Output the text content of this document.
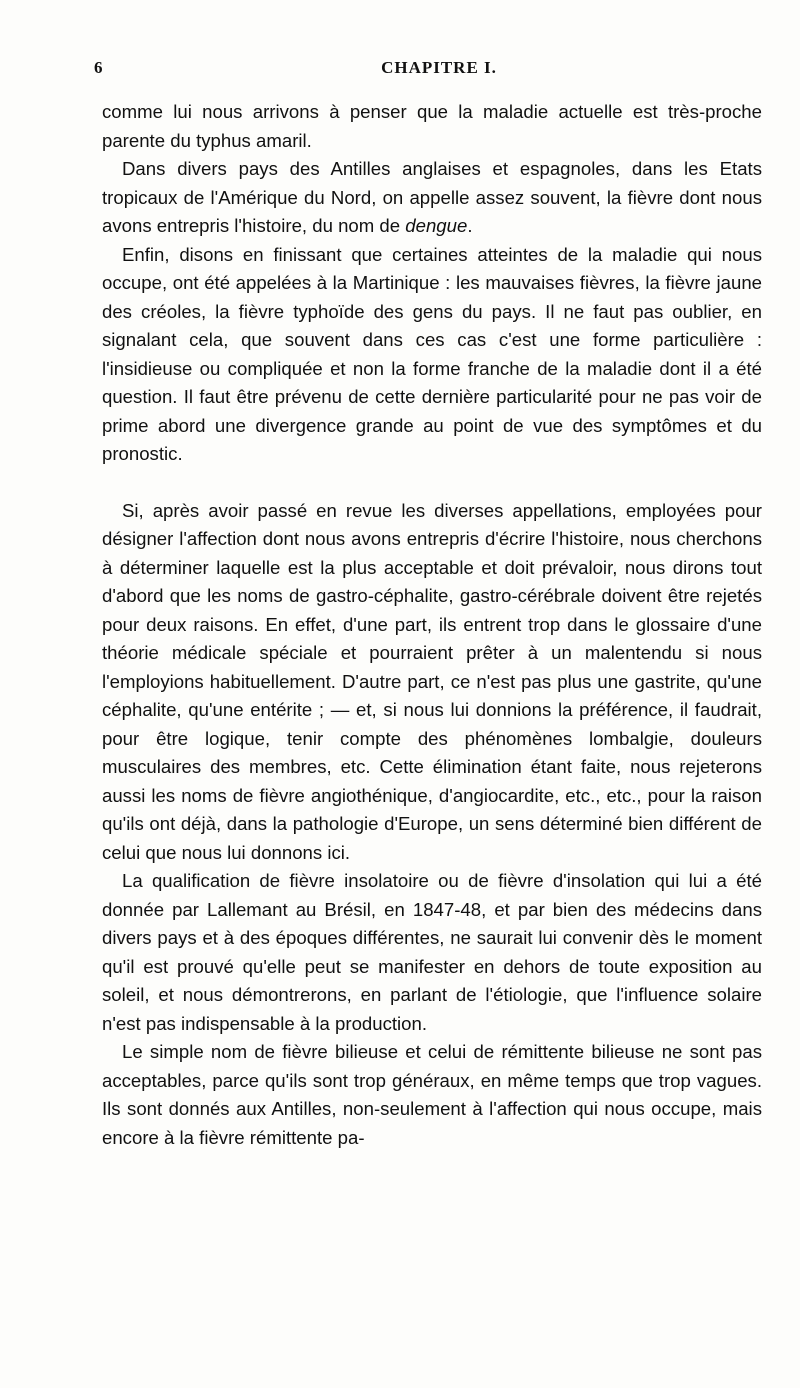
6	CHAPITRE I.

comme lui nous arrivons à penser que la maladie actuelle est très-proche parente du typhus amaril.

Dans divers pays des Antilles anglaises et espagnoles, dans les Etats tropicaux de l'Amérique du Nord, on appelle assez souvent, la fièvre dont nous avons entrepris l'histoire, du nom de dengue.

Enfin, disons en finissant que certaines atteintes de la maladie qui nous occupe, ont été appelées à la Martinique : les mauvaises fièvres, la fièvre jaune des créoles, la fièvre typhoïde des gens du pays. Il ne faut pas oublier, en signalant cela, que souvent dans ces cas c'est une forme particulière : l'insidieuse ou compliquée et non la forme franche de la maladie dont il a été question. Il faut être prévenu de cette dernière particularité pour ne pas voir de prime abord une divergence grande au point de vue des symptômes et du pronostic.

Si, après avoir passé en revue les diverses appellations, employées pour désigner l'affection dont nous avons entrepris d'écrire l'histoire, nous cherchons à déterminer laquelle est la plus acceptable et doit prévaloir, nous dirons tout d'abord que les noms de gastro-céphalite, gastro-cérébrale doivent être rejetés pour deux raisons. En effet, d'une part, ils entrent trop dans le glossaire d'une théorie médicale spéciale et pourraient prêter à un malentendu si nous l'employions habituellement. D'autre part, ce n'est pas plus une gastrite, qu'une céphalite, qu'une entérite ; — et, si nous lui donnions la préférence, il faudrait, pour être logique, tenir compte des phénomènes lombalgie, douleurs musculaires des membres, etc. Cette élimination étant faite, nous rejeterons aussi les noms de fièvre angiothénique, d'angiocardite, etc., etc., pour la raison qu'ils ont déjà, dans la pathologie d'Europe, un sens déterminé bien différent de celui que nous lui donnons ici.

La qualification de fièvre insolatoire ou de fièvre d'insolation qui lui a été donnée par Lallemant au Brésil, en 1847-48, et par bien des médecins dans divers pays et à des époques différentes, ne saurait lui convenir dès le moment qu'il est prouvé qu'elle peut se manifester en dehors de toute exposition au soleil, et nous démontrerons, en parlant de l'étiologie, que l'influence solaire n'est pas indispensable à la production.

Le simple nom de fièvre bilieuse et celui de rémittente bilieuse ne sont pas acceptables, parce qu'ils sont trop généraux, en même temps que trop vagues. Ils sont donnés aux Antilles, non-seulement à l'affection qui nous occupe, mais encore à la fièvre rémittente pa-
